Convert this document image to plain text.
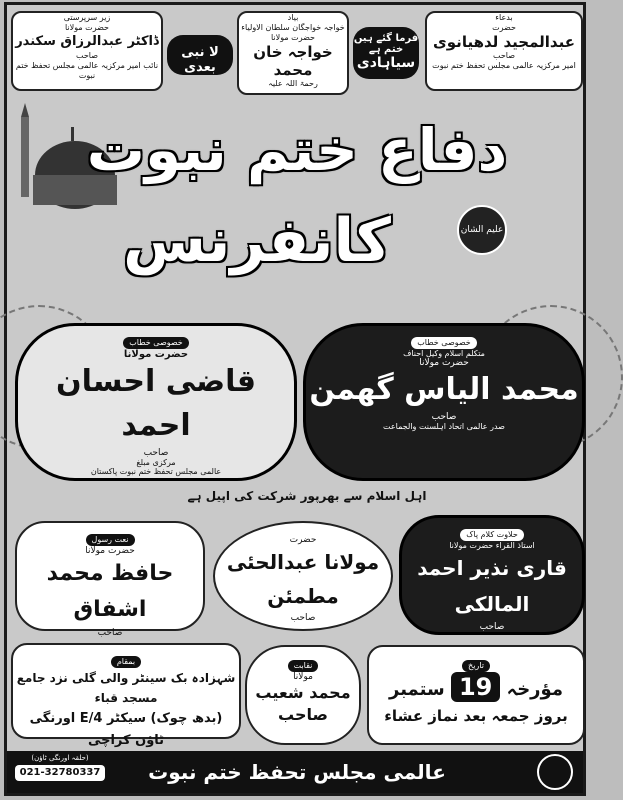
بدعاء
حضرت
عبدالمجید لدھیانوی
صاحب
امیر مرکزیہ عالمی مجلس تحفظ ختم نبوت
فرما گئے ہیں ختم ہے
سیاہادی
بیاد
خواجہ خواجگان سلطان الاولیاء
حضرت مولانا
خواجہ خان محمد
رحمۃ اللہ علیہ
لا نبی بعدی
زیر سرپرستی
حضرت مولانا
ڈاکٹر عبدالرزاق سکندر
صاحب
نائب امیر مرکزیہ عالمی مجلس تحفظ ختم نبوت
دفاع ختم نبوت
کانفرنس	علیم الشان
خصوصی خطاب
متکلم اسلام وکیل احناف
حضرت مولانا
محمد الیاس گھمن
صاحب
صدر عالمی اتحاد اہلسنت والجماعت
خصوصی خطاب
حضرت مولانا
قاضی احسان احمد
صاحب
مرکزی مبلغ
عالمی مجلس تحفظ ختم نبوت پاکستان
اہل اسلام سے بھرپور شرکت کی اپیل ہے
حلاوت کلام پاک
استاذ القراء حضرت مولانا
قاری نذیر احمد المالکی
صاحب
حضرت
مولانا عبدالحئی مطمئن
صاحب
نعت رسول
حضرت مولانا
حافظ محمد اشفاق
صاحب
بمقام
شہزادہ بک سینٹر والی گلی نزد جامع مسجد قباء
(بدھ چوک) سیکٹر 4/E اورنگی ٹاؤن کراچی
نقابت
مولانا
محمد شعیب صاحب
تاریخ
مؤرخہ 19 ستمبر
بروز جمعہ بعد نماز عشاء
عالمی مجلس تحفظ ختم نبوت
(حلقہ اورنگی ٹاؤن)
021-32780337
